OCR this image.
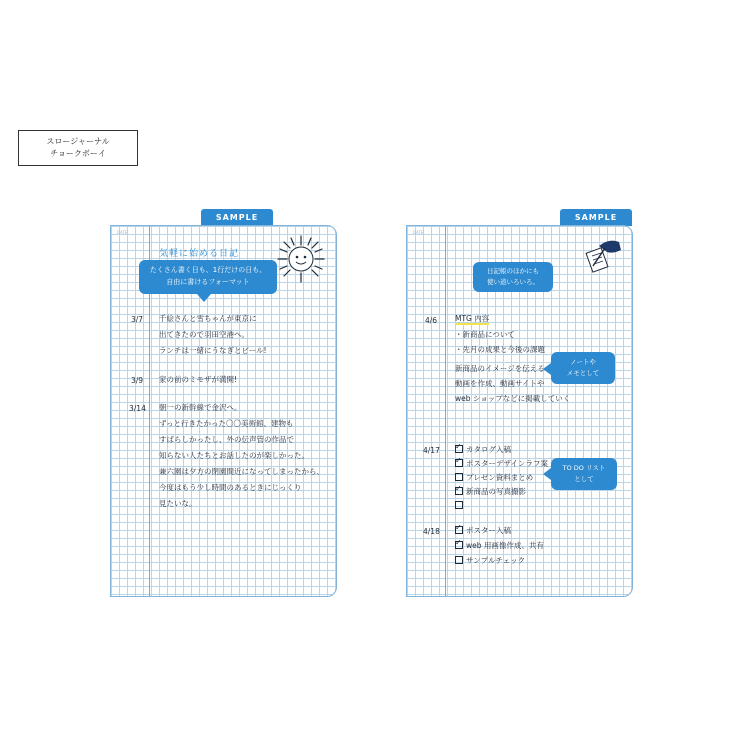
スロージャーナル
チョークボーイ
SAMPLE	SAMPLE
DATE
気軽に始める日記
たくさん書く日も、1行だけの日も、
自由に書けるフォーマット
3/7 千絵さんと雪ちゃんが東京に
出てきたので羽田空港へ。
ランチは一緒にうなぎとビール!
3/9 家の前のミモザが満開!
3/14 朝一の新幹線で金沢へ。
ずっと行きたかった〇〇美術館、建物も
すばらしかったし、外の伝声管の作品で
知らない人たちとお話したのが楽しかった。
兼六園は夕方の閉園間近になってしまったから、
今度はもう少し時間のあるときにじっくり
見たいな。
DATE
日記帳のほかにも
使い道いろいろ。
4/6 MTG 内容
・新商品について
・先月の成果と今後の課題
新商品のイメージを伝える
動画を作成、動画サイトや
web ショップなどに掲載していく
ノートや
メモとして
4/17 ✓	カタログ入稿
✓ポスターデザインラフ案
プレゼン資料まとめ
✓新商品の写真撮影
TO DO リスト
として
4/18 ✓	ポスター入稿
✓web 用画像作成、共有
サンプルチェック
